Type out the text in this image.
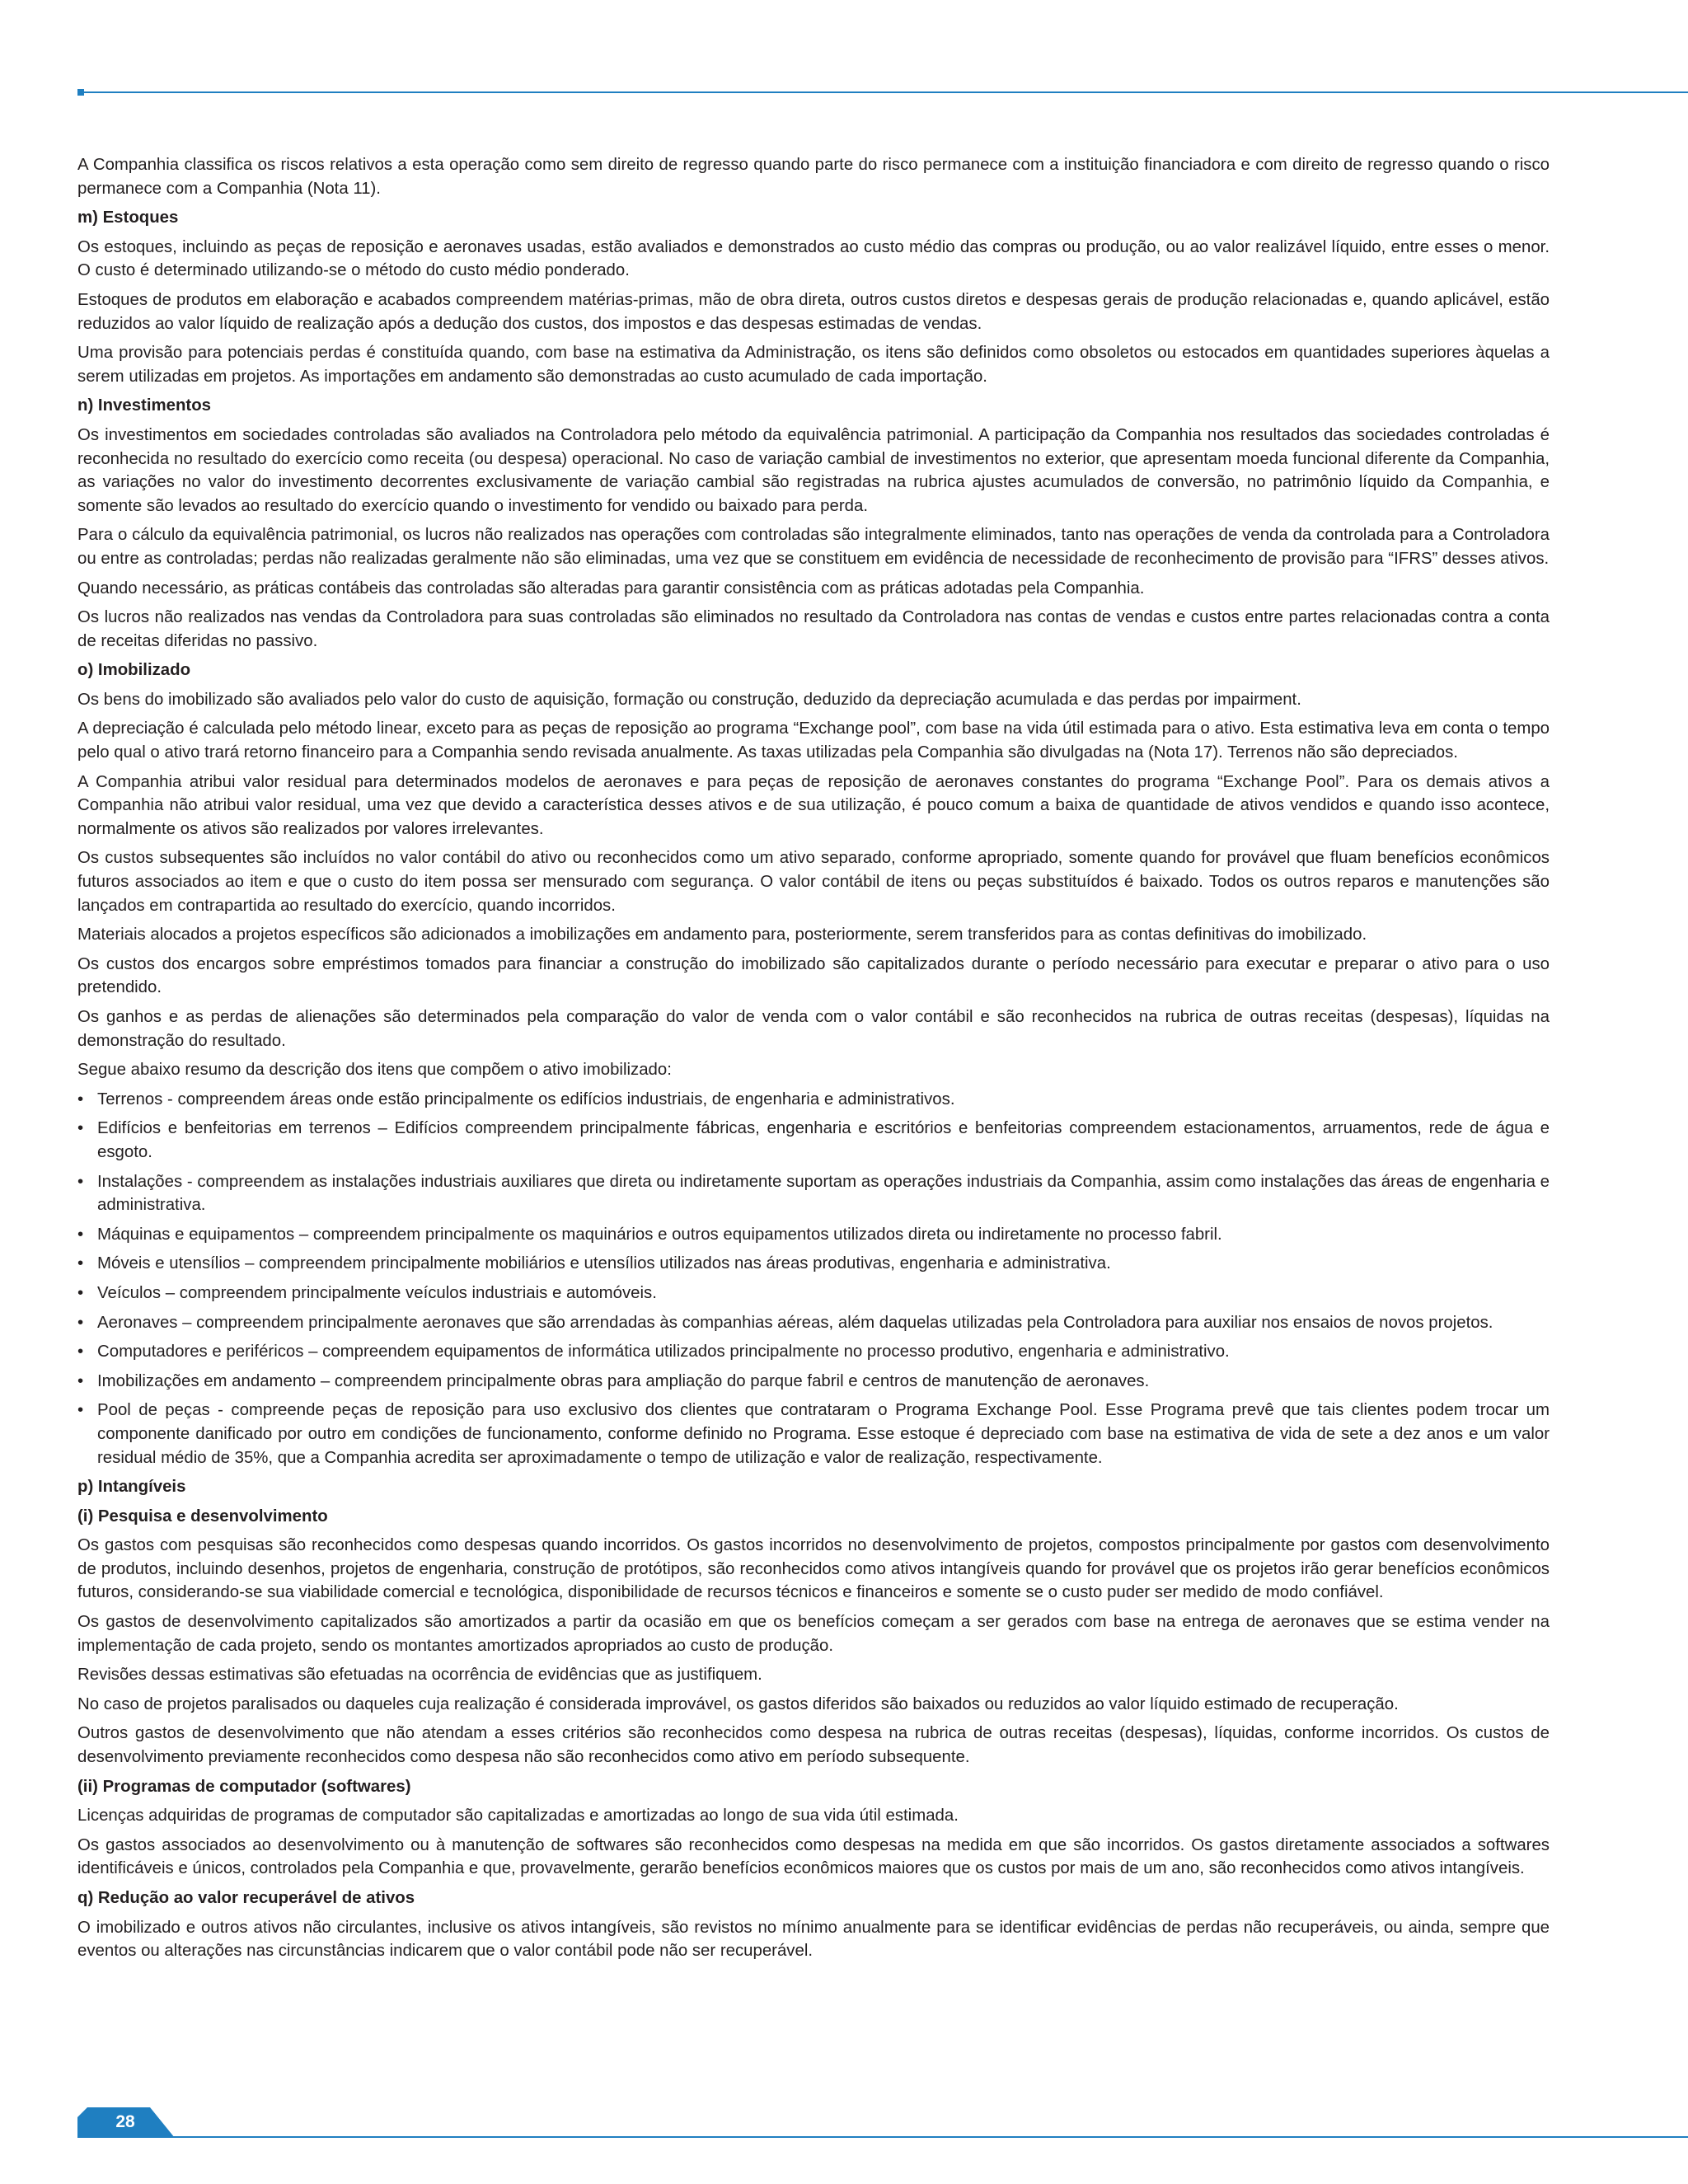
A Companhia classifica os riscos relativos a esta operação como sem direito de regresso quando parte do risco permanece com a instituição financiadora e com direito de regresso quando o risco permanece com a Companhia (Nota 11).

m) Estoques

Os estoques, incluindo as peças de reposição e aeronaves usadas, estão avaliados e demonstrados ao custo médio das compras ou produção, ou ao valor realizável líquido, entre esses o menor. O custo é determinado utilizando-se o método do custo médio ponderado.

Estoques de produtos em elaboração e acabados compreendem matérias-primas, mão de obra direta, outros custos diretos e despesas gerais de produção relacionadas e, quando aplicável, estão reduzidos ao valor líquido de realização após a dedução dos custos, dos impostos e das despesas estimadas de vendas.

Uma provisão para potenciais perdas é constituída quando, com base na estimativa da Administração, os itens são definidos como obsoletos ou estocados em quantidades superiores àquelas a serem utilizadas em projetos. As importações em andamento são demonstradas ao custo acumulado de cada importação.

n) Investimentos

Os investimentos em sociedades controladas são avaliados na Controladora pelo método da equivalência patrimonial. A participação da Companhia nos resultados das sociedades controladas é reconhecida no resultado do exercício como receita (ou despesa) operacional. No caso de variação cambial de investimentos no exterior, que apresentam moeda funcional diferente da Companhia, as variações no valor do investimento decorrentes exclusivamente de variação cambial são registradas na rubrica ajustes acumulados de conversão, no patrimônio líquido da Companhia, e somente são levados ao resultado do exercício quando o investimento for vendido ou baixado para perda.

Para o cálculo da equivalência patrimonial, os lucros não realizados nas operações com controladas são integralmente eliminados, tanto nas operações de venda da controlada para a Controladora ou entre as controladas; perdas não realizadas geralmente não são eliminadas, uma vez que se constituem em evidência de necessidade de reconhecimento de provisão para “IFRS” desses ativos.

Quando necessário, as práticas contábeis das controladas são alteradas para garantir consistência com as práticas adotadas pela Companhia.

Os lucros não realizados nas vendas da Controladora para suas controladas são eliminados no resultado da Controladora nas contas de vendas e custos entre partes relacionadas contra a conta de receitas diferidas no passivo.

o) Imobilizado

Os bens do imobilizado são avaliados pelo valor do custo de aquisição, formação ou construção, deduzido da depreciação acumulada e das perdas por impairment.

A depreciação é calculada pelo método linear, exceto para as peças de reposição ao programa “Exchange pool”, com base na vida útil estimada para o ativo. Esta estimativa leva em conta o tempo pelo qual o ativo trará retorno financeiro para a Companhia sendo revisada anualmente. As taxas utilizadas pela Companhia são divulgadas na (Nota 17). Terrenos não são depreciados.

A Companhia atribui valor residual para determinados modelos de aeronaves e para peças de reposição de aeronaves constantes do programa “Exchange Pool”. Para os demais ativos a Companhia não atribui valor residual, uma vez que devido a característica desses ativos e de sua utilização, é pouco comum a baixa de quantidade de ativos vendidos e quando isso acontece, normalmente os ativos são realizados por valores irrelevantes.

Os custos subsequentes são incluídos no valor contábil do ativo ou reconhecidos como um ativo separado, conforme apropriado, somente quando for provável que fluam benefícios econômicos futuros associados ao item e que o custo do item possa ser mensurado com segurança. O valor contábil de itens ou peças substituídos é baixado. Todos os outros reparos e manutenções são lançados em contrapartida ao resultado do exercício, quando incorridos.

Materiais alocados a projetos específicos são adicionados a imobilizações em andamento para, posteriormente, serem transferidos para as contas definitivas do imobilizado.

Os custos dos encargos sobre empréstimos tomados para financiar a construção do imobilizado são capitalizados durante o período necessário para executar e preparar o ativo para o uso pretendido.

Os ganhos e as perdas de alienações são determinados pela comparação do valor de venda com o valor contábil e são reconhecidos na rubrica de outras receitas (despesas), líquidas na demonstração do resultado.

Segue abaixo resumo da descrição dos itens que compõem o ativo imobilizado:

• Terrenos - compreendem áreas onde estão principalmente os edifícios industriais, de engenharia e administrativos.
• Edifícios e benfeitorias em terrenos – Edifícios compreendem principalmente fábricas, engenharia e escritórios e benfeitorias compreendem estacionamentos, arruamentos, rede de água e esgoto.
• Instalações - compreendem as instalações industriais auxiliares que direta ou indiretamente suportam as operações industriais da Companhia, assim como instalações das áreas de engenharia e administrativa.
• Máquinas e equipamentos – compreendem principalmente os maquinários e outros equipamentos utilizados direta ou indiretamente no processo fabril.
• Móveis e utensílios – compreendem principalmente mobiliários e utensílios utilizados nas áreas produtivas, engenharia e administrativa.
• Veículos – compreendem principalmente veículos industriais e automóveis.
• Aeronaves – compreendem principalmente aeronaves que são arrendadas às companhias aéreas, além daquelas utilizadas pela Controladora para auxiliar nos ensaios de novos projetos.
• Computadores e periféricos – compreendem equipamentos de informática utilizados principalmente no processo produtivo, engenharia e administrativo.
• Imobilizações em andamento – compreendem principalmente obras para ampliação do parque fabril e centros de manutenção de aeronaves.
• Pool de peças - compreende peças de reposição para uso exclusivo dos clientes que contrataram o Programa Exchange Pool. Esse Programa prevê que tais clientes podem trocar um componente danificado por outro em condições de funcionamento, conforme definido no Programa. Esse estoque é depreciado com base na estimativa de vida de sete a dez anos e um valor residual médio de 35%, que a Companhia acredita ser aproximadamente o tempo de utilização e valor de realização, respectivamente.
p) Intangíveis
(i) Pesquisa e desenvolvimento

Os gastos com pesquisas são reconhecidos como despesas quando incorridos. Os gastos incorridos no desenvolvimento de projetos, compostos principalmente por gastos com desenvolvimento de produtos, incluindo desenhos, projetos de engenharia, construção de protótipos, são reconhecidos como ativos intangíveis quando for provável que os projetos irão gerar benefícios econômicos futuros, considerando-se sua viabilidade comercial e tecnológica, disponibilidade de recursos técnicos e financeiros e somente se o custo puder ser medido de modo confiável.

Os gastos de desenvolvimento capitalizados são amortizados a partir da ocasião em que os benefícios começam a ser gerados com base na entrega de aeronaves que se estima vender na implementação de cada projeto, sendo os montantes amortizados apropriados ao custo de produção.

Revisões dessas estimativas são efetuadas na ocorrência de evidências que as justifiquem.

No caso de projetos paralisados ou daqueles cuja realização é considerada improvável, os gastos diferidos são baixados ou reduzidos ao valor líquido estimado de recuperação.

Outros gastos de desenvolvimento que não atendam a esses critérios são reconhecidos como despesa na rubrica de outras receitas (despesas), líquidas, conforme incorridos. Os custos de desenvolvimento previamente reconhecidos como despesa não são reconhecidos como ativo em período subsequente.

(ii) Programas de computador (softwares)

Licenças adquiridas de programas de computador são capitalizadas e amortizadas ao longo de sua vida útil estimada.

Os gastos associados ao desenvolvimento ou à manutenção de softwares são reconhecidos como despesas na medida em que são incorridos. Os gastos diretamente associados a softwares identificáveis e únicos, controlados pela Companhia e que, provavelmente, gerarão benefícios econômicos maiores que os custos por mais de um ano, são reconhecidos como ativos intangíveis.

q) Redução ao valor recuperável de ativos

O imobilizado e outros ativos não circulantes, inclusive os ativos intangíveis, são revistos no mínimo anualmente para se identificar evidências de perdas não recuperáveis, ou ainda, sempre que eventos ou alterações nas circunstâncias indicarem que o valor contábil pode não ser recuperável.

28
